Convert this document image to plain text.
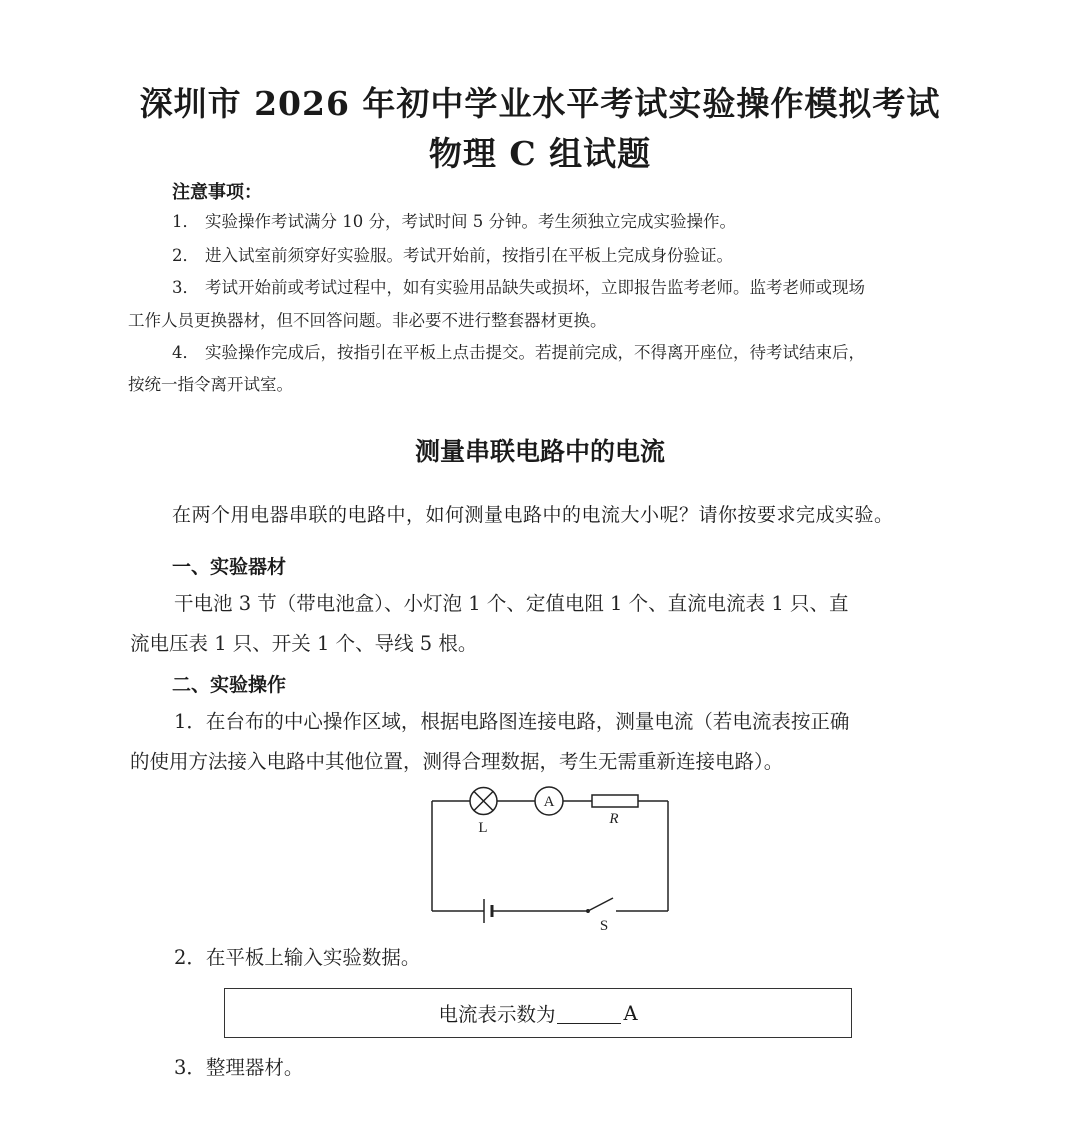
深圳市 2026 年初中学业水平考试实验操作模拟考试
物理 C 组试题
注意事项：
1． 实验操作考试满分 10 分，考试时间 5 分钟。考生须独立完成实验操作。
2． 进入试室前须穿好实验服。考试开始前，按指引在平板上完成身份验证。
3． 考试开始前或考试过程中，如有实验用品缺失或损坏，立即报告监考老师。监考老师或现场
工作人员更换器材，但不回答问题。非必要不进行整套器材更换。
4． 实验操作完成后，按指引在平板上点击提交。若提前完成，不得离开座位，待考试结束后，
按统一指令离开试室。
测量串联电路中的电流
在两个用电器串联的电路中，如何测量电路中的电流大小呢？请你按要求完成实验。
一、实验器材
干电池 3 节（带电池盒）、小灯泡 1 个、定值电阻 1 个、直流电流表 1 只、直
流电压表 1 只、开关 1 个、导线 5 根。
二、实验操作
1．在台布的中心操作区域，根据电路图连接电路，测量电流（若电流表按正确
的使用方法接入电路中其他位置，测得合理数据，考生无需重新连接电路）。
A
L
R
S
2．在平板上输入实验数据。
电流表示数为	A
3．整理器材。
